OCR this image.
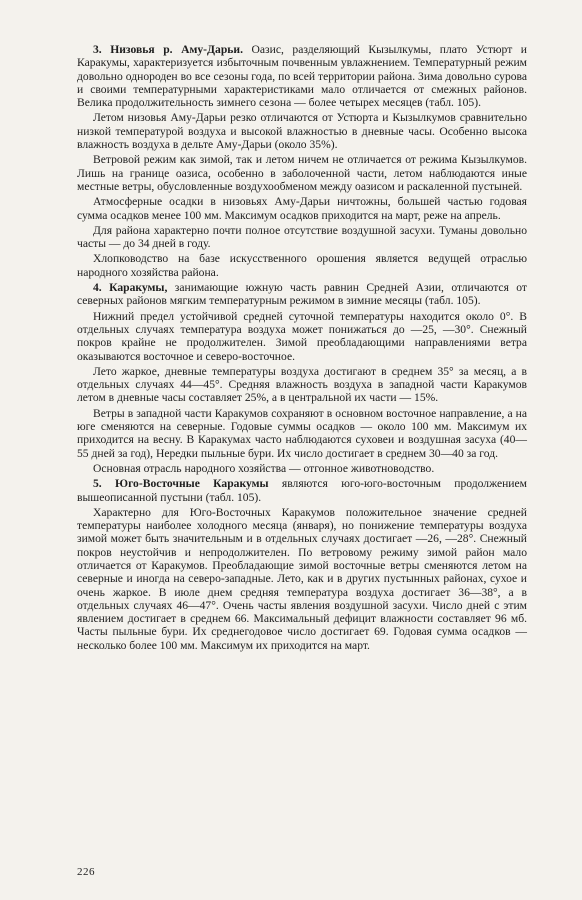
3. Низовья р. Аму-Дарьи. Оазис, разделяющий Кызылкумы, плато Устюрт и Каракумы, характеризуется избыточным почвенным увлажнением. Температурный режим довольно однороден во все сезоны года, по всей территории района. Зима довольно сурова и своими температурными характеристиками мало отличается от смежных районов. Велика продолжительность зимнего сезона — более четырех месяцев (табл. 105).

Летом низовья Аму-Дарьи резко отличаются от Устюрта и Кызылкумов сравнительно низкой температурой воздуха и высокой влажностью в дневные часы. Особенно высока влажность воздуха в дельте Аму-Дарьи (около 35%).

Ветровой режим как зимой, так и летом ничем не отличается от режима Кызылкумов. Лишь на границе оазиса, особенно в заболоченной части, летом наблюдаются иные местные ветры, обусловленные воздухообменом между оазисом и раскаленной пустыней.

Атмосферные осадки в низовьях Аму-Дарьи ничтожны, большей частью годовая сумма осадков менее 100 мм. Максимум осадков приходится на март, реже на апрель.

Для района характерно почти полное отсутствие воздушной засухи. Туманы довольно часты — до 34 дней в году.

Хлопководство на базе искусственного орошения является ведущей отраслью народного хозяйства района.

4. Каракумы, занимающие южную часть равнин Средней Азии, отличаются от северных районов мягким температурным режимом в зимние месяцы (табл. 105).

Нижний предел устойчивой средней суточной температуры находится около 0°. В отдельных случаях температура воздуха может понижаться до —25, —30°. Снежный покров крайне не продолжителен. Зимой преобладающими направлениями ветра оказываются восточное и северо-восточное.

Лето жаркое, дневные температуры воздуха достигают в среднем 35° за месяц, а в отдельных случаях 44—45°. Средняя влажность воздуха в западной части Каракумов летом в дневные часы составляет 25%, а в центральной их части — 15%.

Ветры в западной части Каракумов сохраняют в основном восточное направление, а на юге сменяются на северные. Годовые суммы осадков — около 100 мм. Максимум их приходится на весну. В Каракумах часто наблюдаются суховеи и воздушная засуха (40—55 дней за год), Нередки пыльные бури. Их число достигает в среднем 30—40 за год.

Основная отрасль народного хозяйства — отгонное животноводство.

5. Юго-Восточные Каракумы являются юго-юго-восточным продолжением вышеописанной пустыни (табл. 105).

Характерно для Юго-Восточных Каракумов положительное значение средней температуры наиболее холодного месяца (января), но понижение температуры воздуха зимой может быть значительным и в отдельных случаях достигает —26, —28°. Снежный покров неустойчив и непродолжителен. По ветровому режиму зимой район мало отличается от Каракумов. Преобладающие зимой восточные ветры сменяются летом на северные и иногда на северо-западные. Лето, как и в других пустынных районах, сухое и очень жаркое. В июле днем средняя температура воздуха достигает 36—38°, а в отдельных случаях 46—47°. Очень часты явления воздушной засухи. Число дней с этим явлением достигает в среднем 66. Максимальный дефицит влажности составляет 96 мб. Часты пыльные бури. Их среднегодовое число достигает 69. Годовая сумма осадков — несколько более 100 мм. Максимум их приходится на март.

226
